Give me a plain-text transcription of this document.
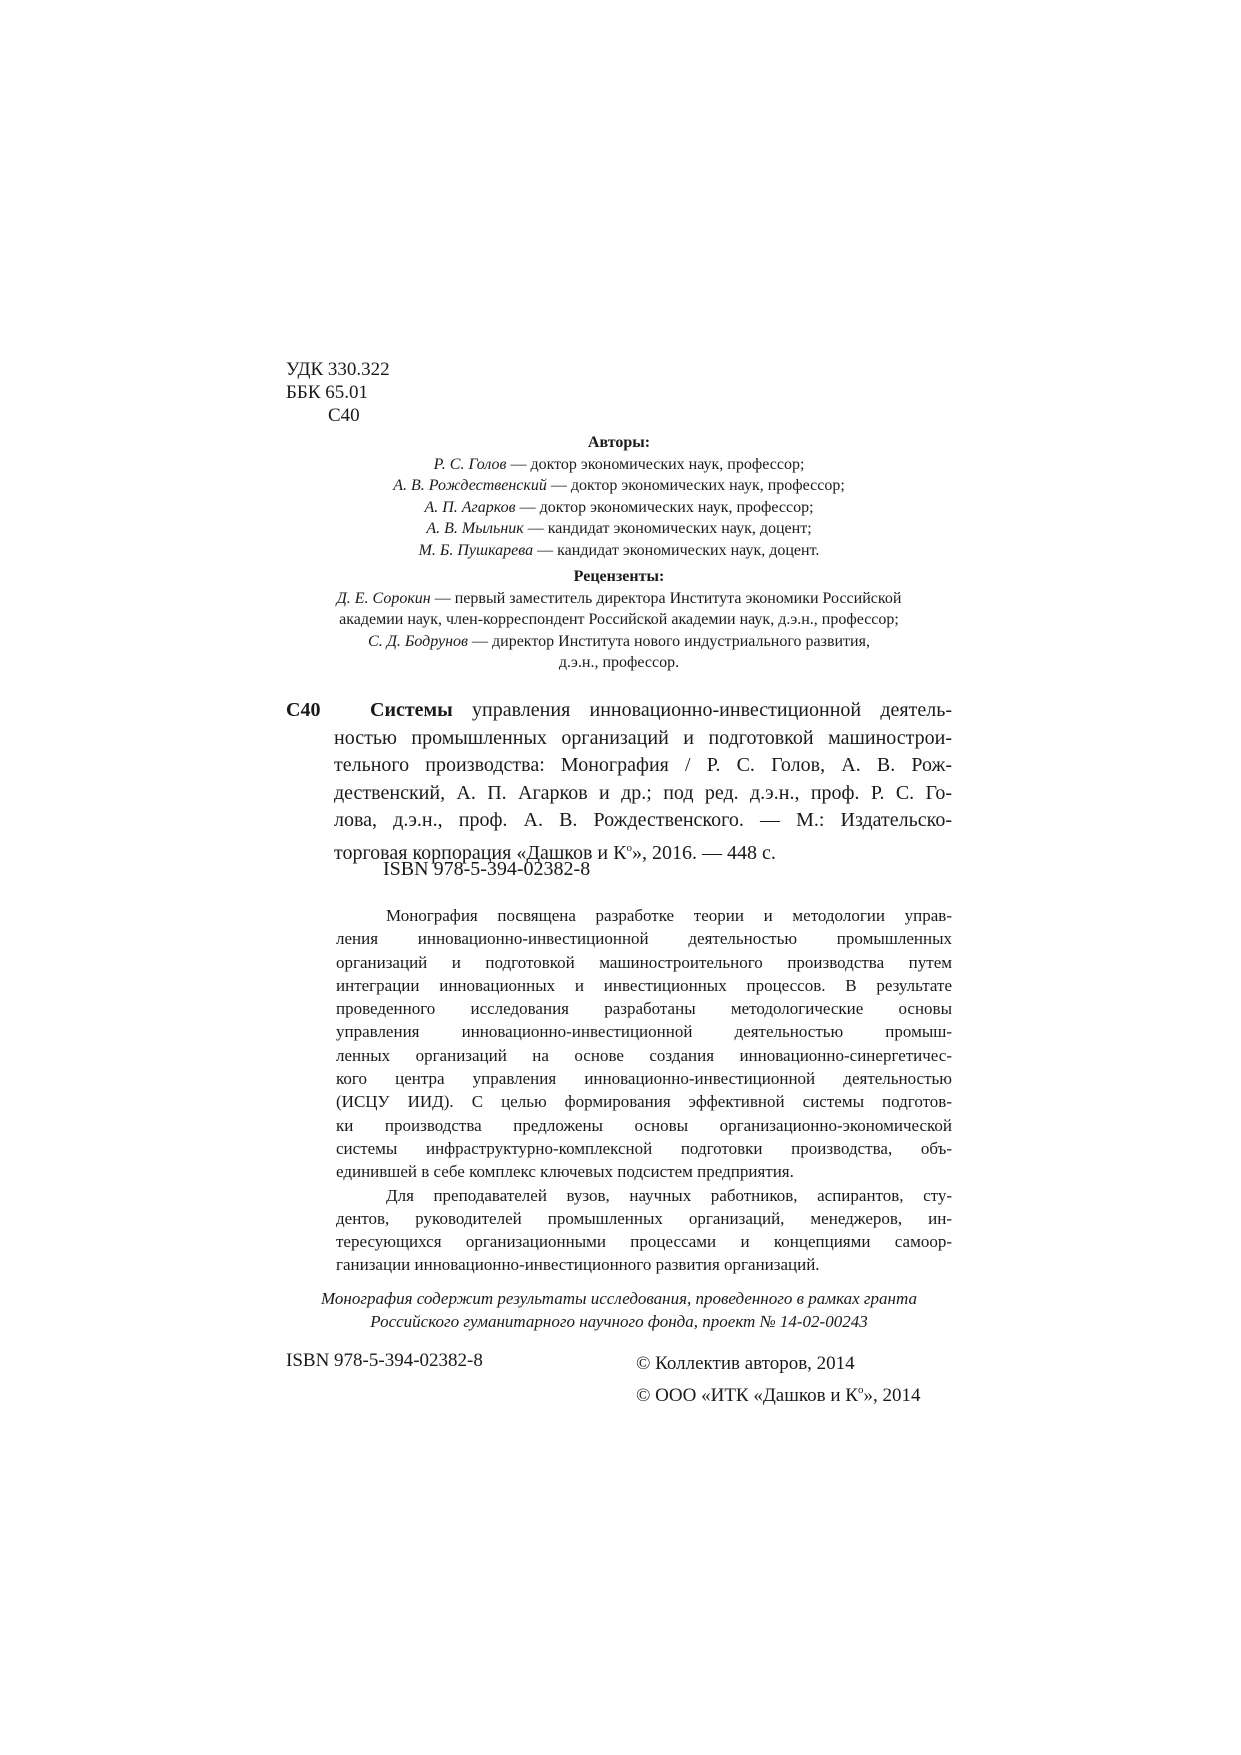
УДК 330.322
ББК 65.01
С40
Авторы:
Р. С. Голов — доктор экономических наук, профессор;
А. В. Рождественский — доктор экономических наук, профессор;
А. П. Агарков — доктор экономических наук, профессор;
А. В. Мыльник — кандидат экономических наук, доцент;
М. Б. Пушкарева — кандидат экономических наук, доцент.
Рецензенты:
Д. Е. Сорокин — первый заместитель директора Института экономики Российской
академии наук, член-корреспондент Российской академии наук, д.э.н., профессор;
С. Д. Бодрунов — директор Института нового индустриального развития,
д.э.н., профессор.
С40	Системы управления инновационно-инвестиционной деятель-
ностью промышленных организаций и подготовкой машинострои-
тельного производства: Монография / Р. С. Голов, А. В. Рож-
дественский, А. П. Агарков и др.; под ред. д.э.н., проф. Р. С. Го-
лова, д.э.н., проф. А. В. Рождественского. — М.: Издательско-
торговая корпорация «Дашков и $К^о$», 2016. — 448 с.
ISBN 978-5-394-02382-8
Монография посвящена разработке теории и методологии управ-
ления инновационно-инвестиционной деятельностью промышленных
организаций и подготовкой машиностроительного производства путем
интеграции инновационных и инвестиционных процессов. В результате
проведенного исследования разработаны методологические основы
управления инновационно-инвестиционной деятельностью промыш-
ленных организаций на основе создания инновационно-синергетичес-
кого центра управления инновационно-инвестиционной деятельностью
(ИСЦУ ИИД). С целью формирования эффективной системы подготов-
ки производства предложены основы организационно-экономической
системы инфраструктурно-комплексной подготовки производства, объ-
единившей в себе комплекс ключевых подсистем предприятия.
Для преподавателей вузов, научных работников, аспирантов, сту-
дентов, руководителей промышленных организаций, менеджеров, ин-
тересующихся организационными процессами и концепциями самоор-
ганизации инновационно-инвестиционного развития организаций.
Монография содержит результаты исследования, проведенного в рамках гранта
Российского гуманитарного научного фонда, проект № 14-02-00243
ISBN 978-5-394-02382-8	© Коллектив авторов, 2014
© ООО «ИТК «Дашков и $К^о$», 2014
